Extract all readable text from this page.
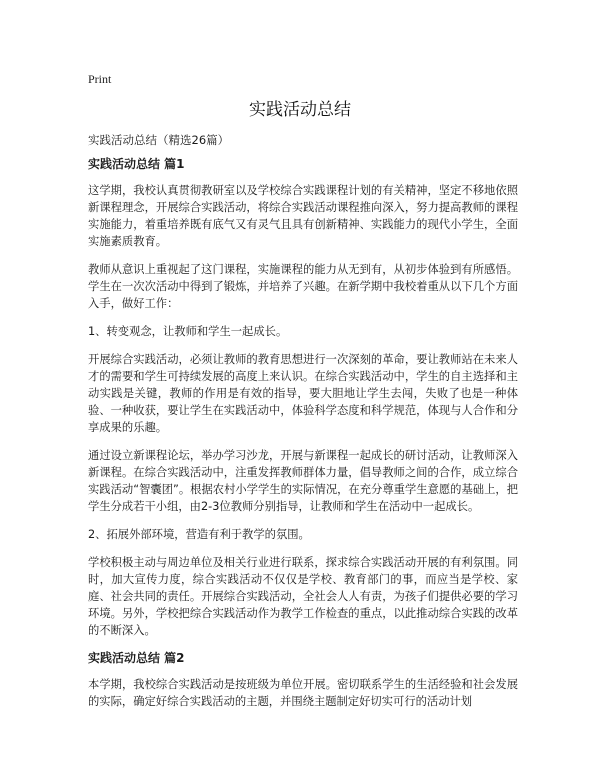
Print
实践活动总结

实践活动总结（精选26篇）

实践活动总结 篇1

这学期，我校认真贯彻教研室以及学校综合实践课程计划的有关精神，坚定不移地依照新课程理念，开展综合实践活动，将综合实践活动课程推向深入，努力提高教师的课程实施能力，着重培养既有底气又有灵气且具有创新精神、实践能力的现代小学生，全面实施素质教育。

教师从意识上重视起了这门课程，实施课程的能力从无到有，从初步体验到有所感悟。学生在一次次活动中得到了锻炼，并培养了兴趣。在新学期中我校着重从以下几个方面入手，做好工作：

1、转变观念，让教师和学生一起成长。

开展综合实践活动，必须让教师的教育思想进行一次深刻的革命，要让教师站在未来人才的需要和学生可持续发展的高度上来认识。在综合实践活动中，学生的自主选择和主动实践是关键，教师的作用是有效的指导，要大胆地让学生去闯，失败了也是一种体验、一种收获，要让学生在实践活动中，体验科学态度和科学规范，体现与人合作和分享成果的乐趣。

通过设立新课程论坛，举办学习沙龙，开展与新课程一起成长的研讨活动，让教师深入新课程。在综合实践活动中，注重发挥教师群体力量，倡导教师之间的合作，成立综合实践活动“智囊团”。根据农村小学学生的实际情况，在充分尊重学生意愿的基础上，把学生分成若干小组，由2-3位教师分别指导，让教师和学生在活动中一起成长。

2、拓展外部环境，营造有利于教学的氛围。

学校积极主动与周边单位及相关行业进行联系，探求综合实践活动开展的有利氛围。同时，加大宣传力度，综合实践活动不仅仅是学校、教育部门的事，而应当是学校、家庭、社会共同的责任。开展综合实践活动，全社会人人有责，为孩子们提供必要的学习环境。另外，学校把综合实践活动作为教学工作检查的重点，以此推动综合实践的改革的不断深入。

实践活动总结 篇2

本学期，我校综合实践活动是按班级为单位开展。密切联系学生的生活经验和社会发展的实际，确定好综合实践活动的主题，并围绕主题制定好切实可行的活动计划
